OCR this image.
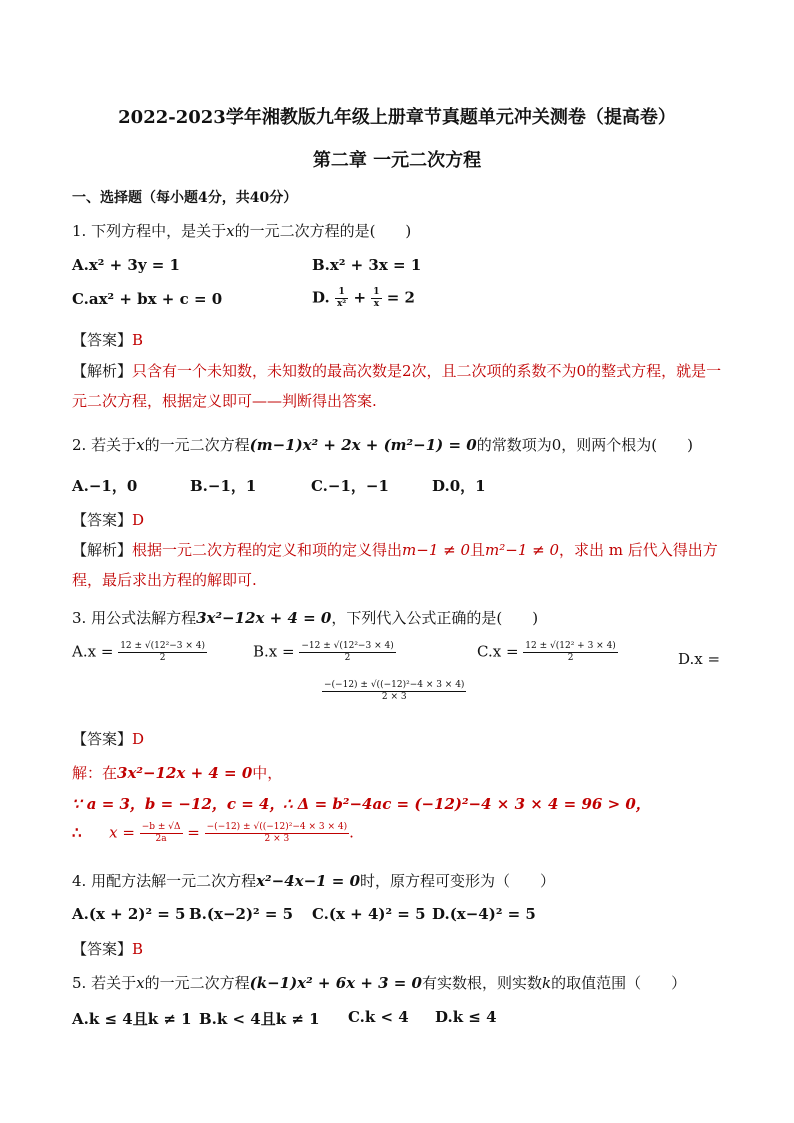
2022-2023学年湘教版九年级上册章节真题单元冲关测卷（提高卷）
第二章 一元二次方程
一、选择题（每小题4分，共40分）
1. 下列方程中，是关于x的一元二次方程的是(　　)
A.x² + 3y = 1	B.x² + 3x = 1
C.ax² + bx + c = 0	D. $\frac{1}{\text{x²}} + \frac{1}{x} = 2$
【答案】B
【解析】只含有一个未知数，未知数的最高次数是2次，且二次项的系数不为0的整式方程，就是一元二次方程，根据定义即可——判断得出答案.
2. 若关于x的一元二次方程(m−1)x² + 2x + (m²−1) = 0的常数项为0，则两个根为(　　)
A.−1，0	B.−1，1	C.−1，−1	D.0，1
【答案】D
【解析】根据一元二次方程的定义和项的定义得出m−1 ≠ 0且m²−1 ≠ 0，求出 m 后代入得出方程，最后求出方程的解即可.
3. 用公式法解方程3x²−12x + 4 = 0，下列代入公式正确的是(　　)
$A.x = \frac{\text{12 ± √(12²−3 × 4)}}{2}$	$B.x = \frac{\text{−12 ± √(12²−3 × 4)}}{2}$	$C.x = \frac{\text{12 ± √(12² + 3 × 4)}}{2}$	D.x =
$\frac{\text{−(−12) ± √((−12)²−4 × 3 × 4)}}{2 \times 3}$
【答案】D
解：在3x²−12x + 4 = 0中，
∵ a = 3，b = −12，c = 4，
∴ Δ = b²−4ac = (−12)²−4 × 3 × 4 = 96 > 0，
∴ $x = \frac{-b \pm √\Delta}{2a} = \frac{\text{−(−12) ± √((−12)²−4 × 3 × 4)}}{2 \times 3}$ .
4. 用配方法解一元二次方程x²−4x−1 = 0时，原方程可变形为（　　）
A.(x + 2)² = 5 B.(x−2)² = 5 C.(x + 4)² = 5 D.(x−4)² = 5
【答案】B
5. 若关于x的一元二次方程(k−1)x² + 6x + 3 = 0有实数根，则实数k的取值范围（　　）
A.k ≤ 4且k ≠ 1 B.k < 4且k ≠ 1 C.k < 4 D.k ≤ 4
